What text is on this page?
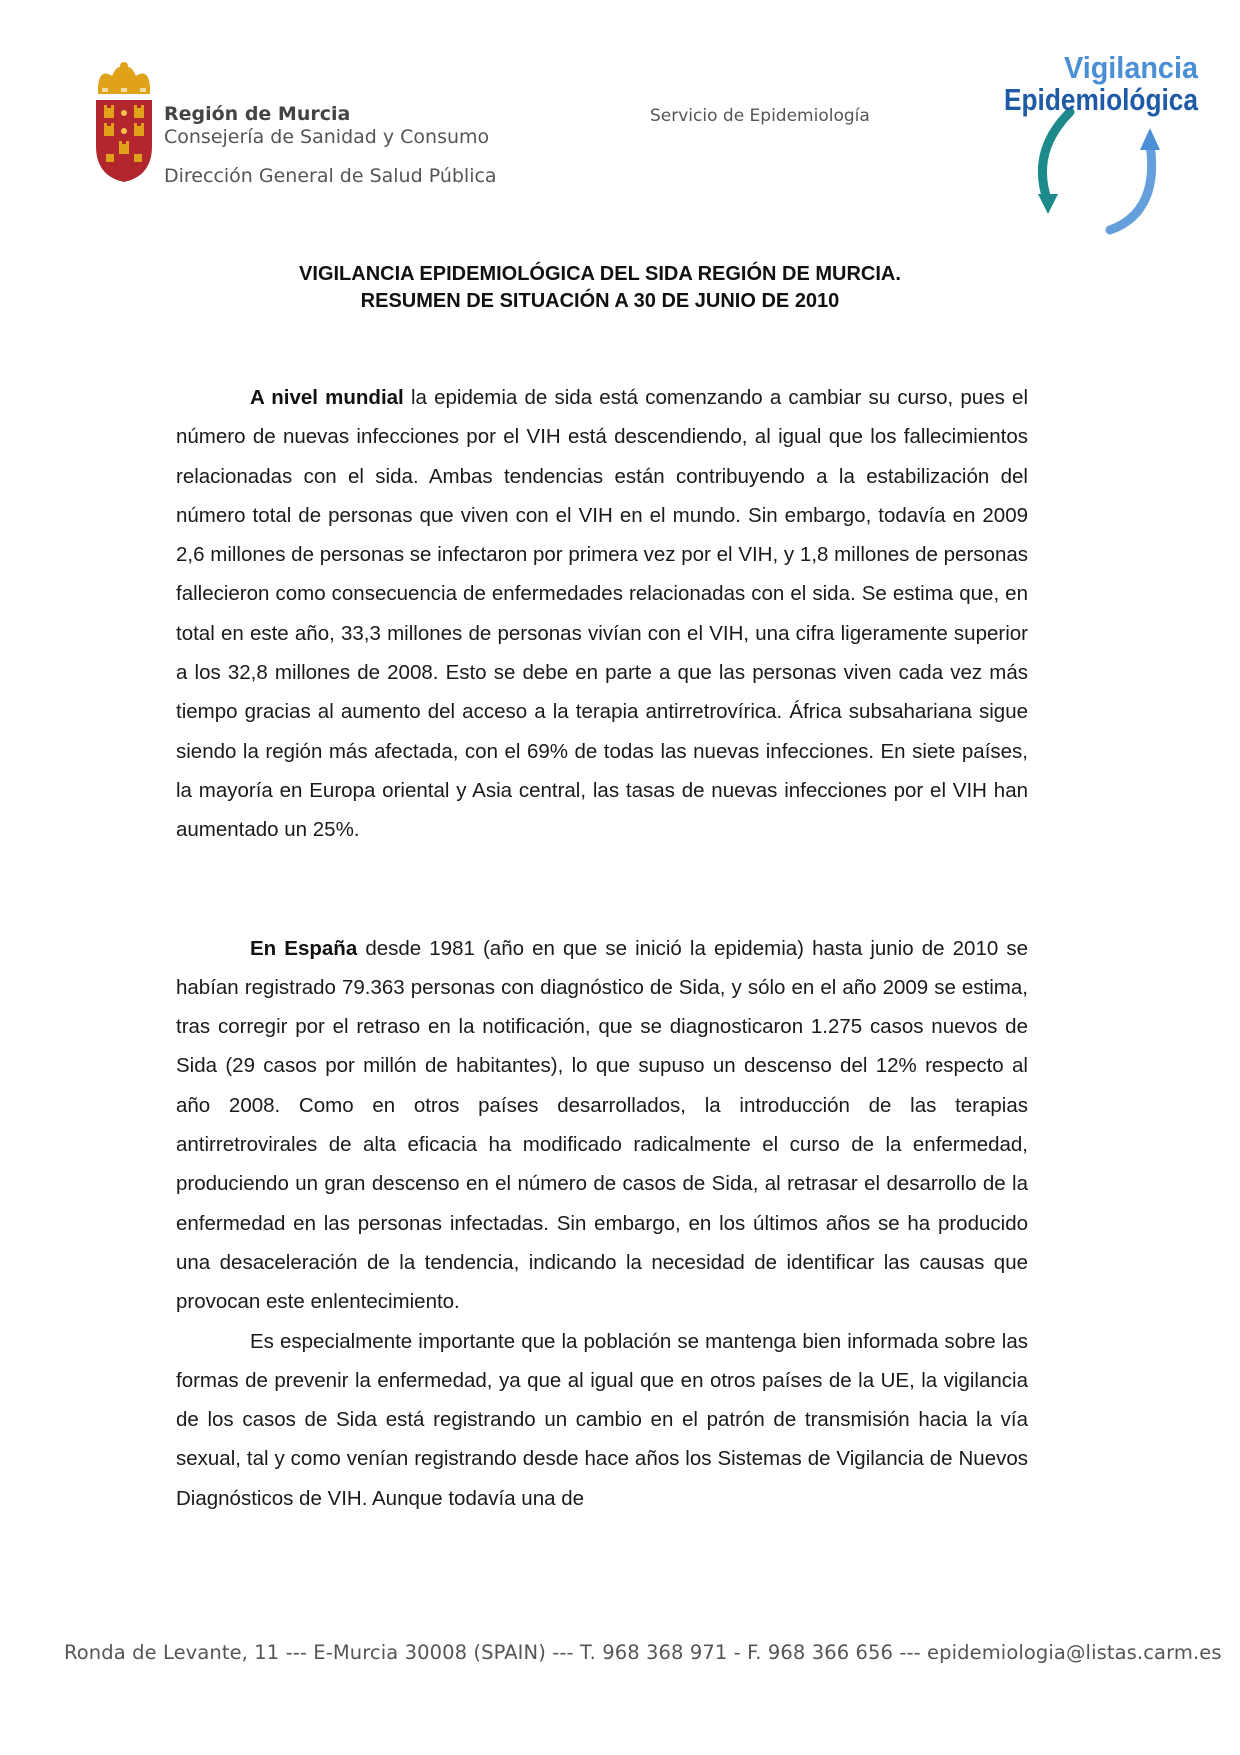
Región de Murcia
Consejería de Sanidad y Consumo
Dirección General de Salud Pública
Servicio de Epidemiología
Vigilancia
Epidemiológica
VIGILANCIA EPIDEMIOLÓGICA DEL SIDA REGIÓN DE MURCIA.
RESUMEN DE SITUACIÓN A 30 DE JUNIO DE 2010

A nivel mundial la epidemia de sida está comenzando a cambiar su curso, pues el número de nuevas infecciones por el VIH está descendiendo, al igual que los fallecimientos relacionadas con el sida. Ambas tendencias están contribuyendo a la estabilización del número total de personas que viven con el VIH en el mundo. Sin embargo, todavía en 2009 2,6 millones de personas se infectaron por primera vez por el VIH, y 1,8 millones de personas fallecieron como consecuencia de enfermedades relacionadas con el sida. Se estima que, en total en este año, 33,3 millones de personas vivían con el VIH, una cifra ligeramente superior a los 32,8 millones de 2008. Esto se debe en parte a que las personas viven cada vez más tiempo gracias al aumento del acceso a la terapia antirretrovírica. África subsahariana sigue siendo la región más afectada, con el 69% de todas las nuevas infecciones. En siete países, la mayoría en Europa oriental y Asia central, las tasas de nuevas infecciones por el VIH han aumentado un 25%.

En España desde 1981 (año en que se inició la epidemia) hasta junio de 2010 se habían registrado 79.363 personas con diagnóstico de Sida, y sólo en el año 2009 se estima, tras corregir por el retraso en la notificación, que se diagnosticaron 1.275 casos nuevos de Sida (29 casos por millón de habitantes), lo que supuso un descenso del 12% respecto al año 2008. Como en otros países desarrollados, la introducción de las terapias antirretrovirales de alta eficacia ha modificado radicalmente el curso de la enfermedad, produciendo un gran descenso en el número de casos de Sida, al retrasar el desarrollo de la enfermedad en las personas infectadas. Sin embargo, en los últimos años se ha producido una desaceleración de la tendencia, indicando la necesidad de identificar las causas que provocan este enlentecimiento.

Es especialmente importante que la población se mantenga bien informada sobre las formas de prevenir la enfermedad, ya que al igual que en otros países de la UE, la vigilancia de los casos de Sida está registrando un cambio en el patrón de transmisión hacia la vía sexual, tal y como venían registrando desde hace años los Sistemas de Vigilancia de Nuevos Diagnósticos de VIH. Aunque todavía una de

Ronda de Levante, 11 --- E-Murcia 30008 (SPAIN) --- T. 968 368 971 - F. 968 366 656 --- epidemiologia@listas.carm.es
